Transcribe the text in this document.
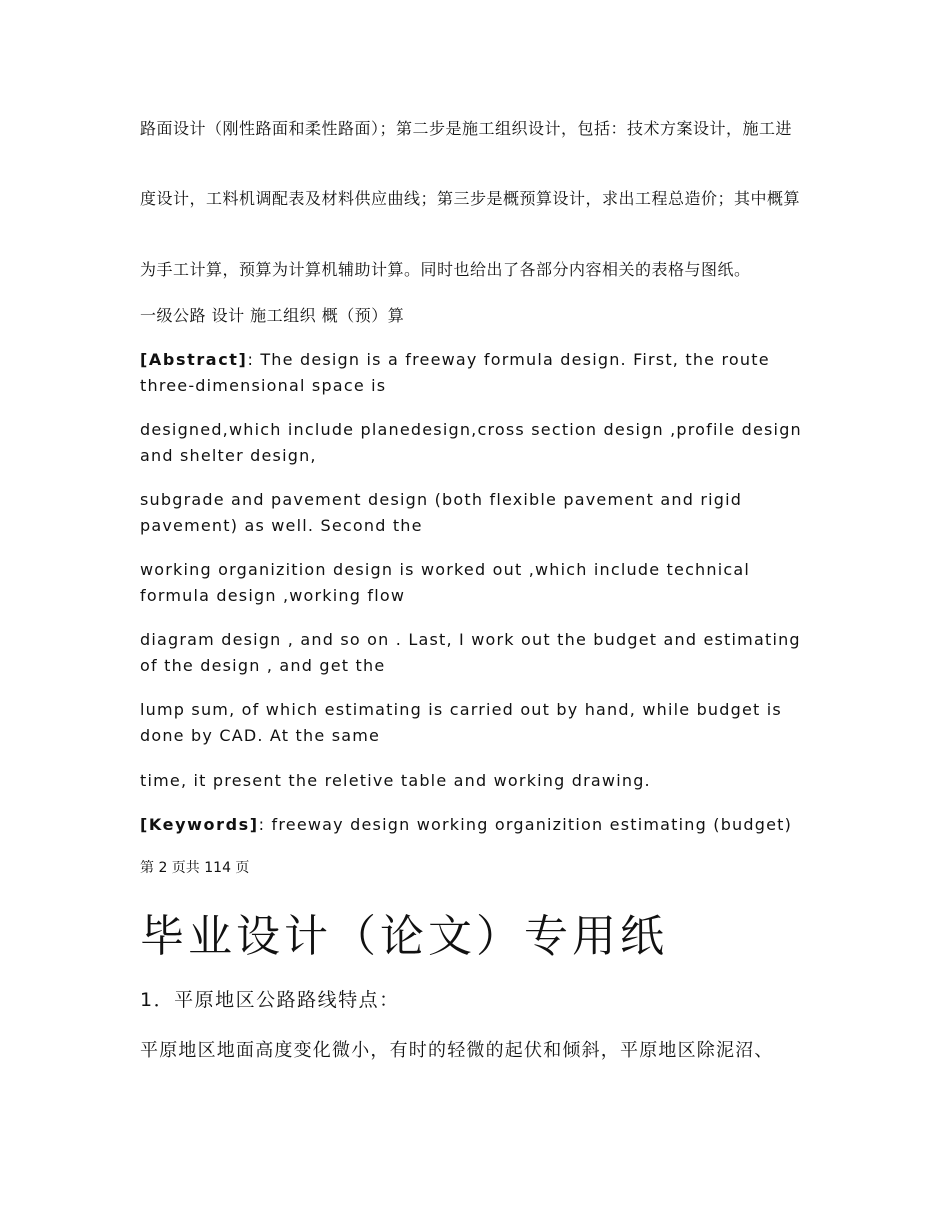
路面设计（刚性路面和柔性路面）；第二步是施工组织设计，包括：技术方案设计，施工进
度设计，工料机调配表及材料供应曲线；第三步是概预算设计，求出工程总造价；其中概算
为手工计算，预算为计算机辅助计算。同时也给出了各部分内容相关的表格与图纸。
一级公路 设计 施工组织 概（预）算
[Abstract]: The design is a freeway formula design. First, the route three-dimensional space is
designed,which include planedesign,cross section design ,profile design and shelter design,
subgrade and pavement design (both flexible pavement and rigid pavement) as well. Second the
working organizition design is worked out ,which include technical formula design ,working flow
diagram design , and so on . Last, I work out the budget and estimating of the design , and get the
lump sum, of which estimating is carried out by hand, while budget is done by CAD. At the same
time, it present the reletive table and working drawing.
[Keywords]: freeway design working organizition estimating (budget)
第 2 页共 114 页
毕业设计（论文）专用纸
1．平原地区公路路线特点：
平原地区地面高度变化微小，有时的轻微的起伏和倾斜，平原地区除泥沼、
